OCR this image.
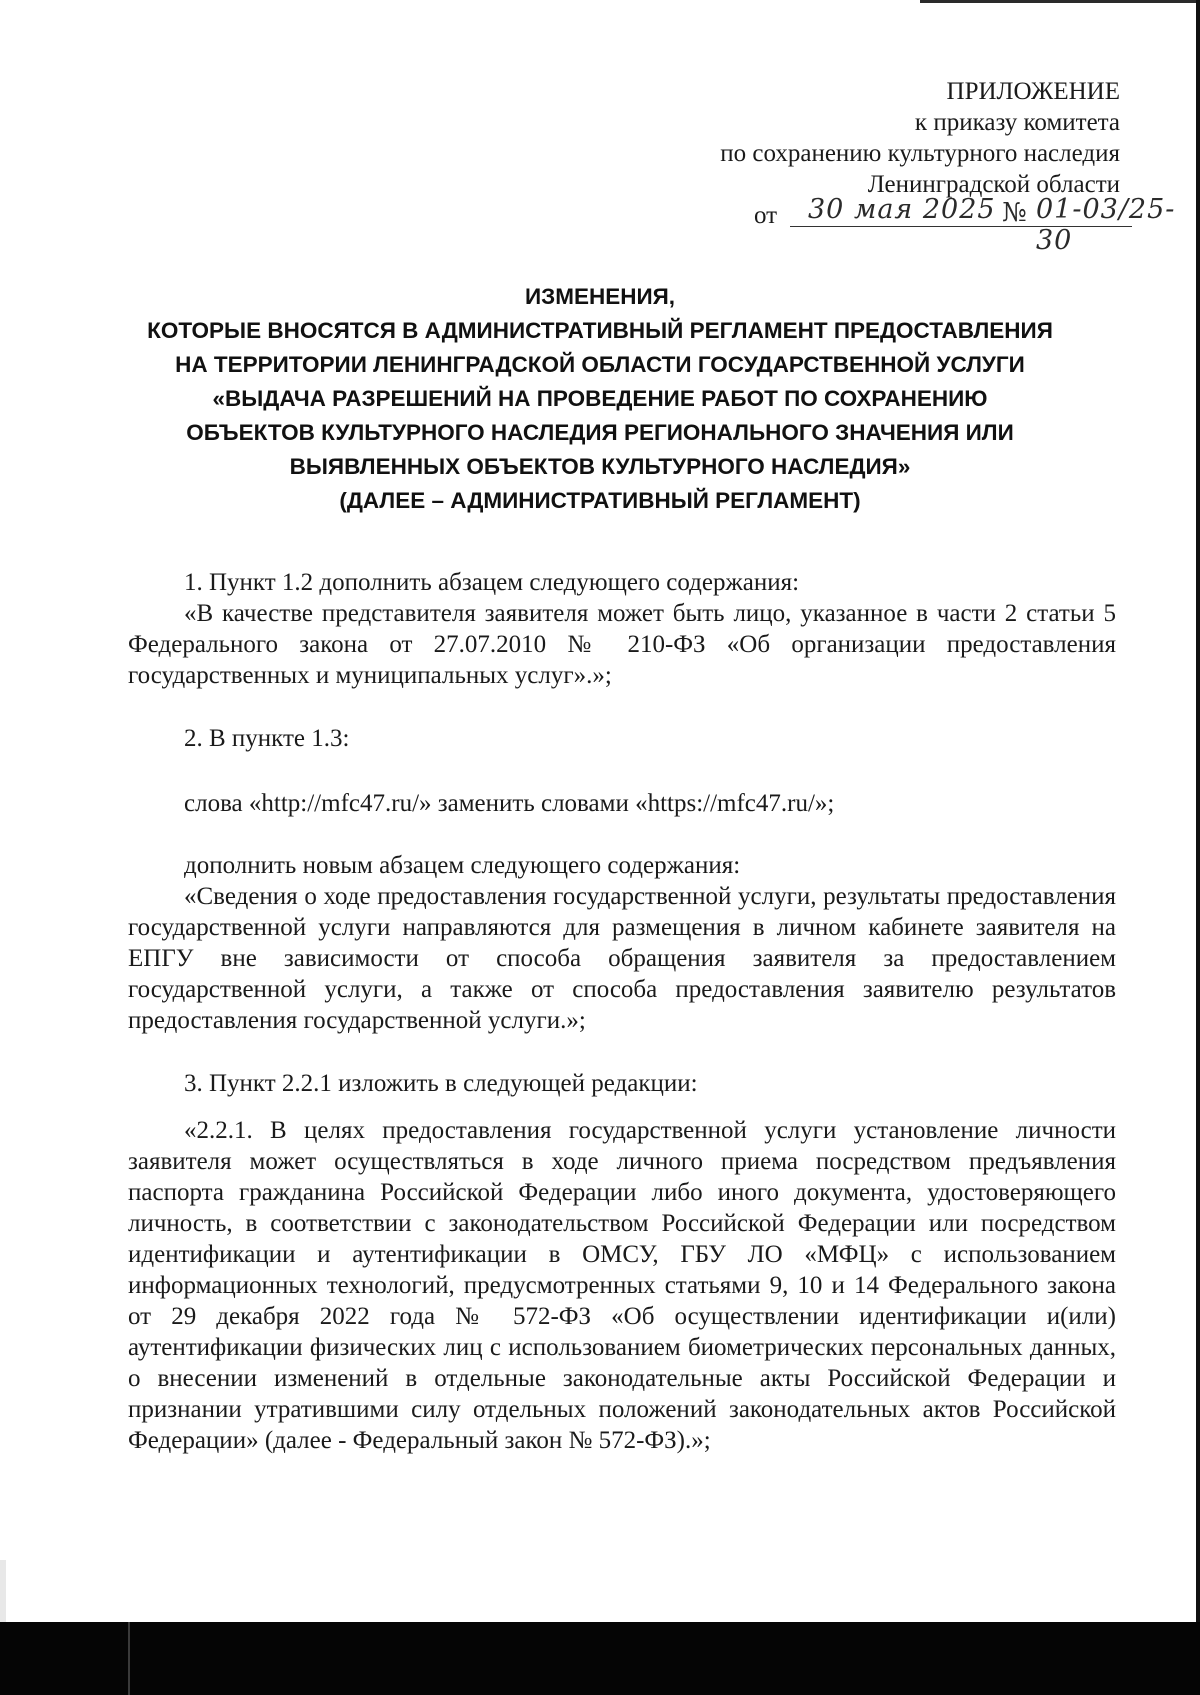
ПРИЛОЖЕНИЕ
к приказу комитета
по сохранению культурного наследия
Ленинградской области
от 30 мая 2025 № 01-03/25-30
ИЗМЕНЕНИЯ,
КОТОРЫЕ ВНОСЯТСЯ В АДМИНИСТРАТИВНЫЙ РЕГЛАМЕНТ ПРЕДОСТАВЛЕНИЯ
НА ТЕРРИТОРИИ ЛЕНИНГРАДСКОЙ ОБЛАСТИ ГОСУДАРСТВЕННОЙ УСЛУГИ
«ВЫДАЧА РАЗРЕШЕНИЙ НА ПРОВЕДЕНИЕ РАБОТ ПО СОХРАНЕНИЮ
ОБЪЕКТОВ КУЛЬТУРНОГО НАСЛЕДИЯ РЕГИОНАЛЬНОГО ЗНАЧЕНИЯ ИЛИ
ВЫЯВЛЕННЫХ ОБЪЕКТОВ КУЛЬТУРНОГО НАСЛЕДИЯ»
(ДАЛЕЕ – АДМИНИСТРАТИВНЫЙ РЕГЛАМЕНТ)

1. Пункт 1.2 дополнить абзацем следующего содержания:

«В качестве представителя заявителя может быть лицо, указанное в части 2 статьи 5 Федерального закона от 27.07.2010 № 210-ФЗ «Об организации предоставления государственных и муниципальных услуг».»;

2. В пункте 1.3:

слова «http://mfc47.ru/» заменить словами «https://mfc47.ru/»;

дополнить новым абзацем следующего содержания:

«Сведения о ходе предоставления государственной услуги, результаты предоставления государственной услуги направляются для размещения в личном кабинете заявителя на ЕПГУ вне зависимости от способа обращения заявителя за предоставлением государственной услуги, а также от способа предоставления заявителю результатов предоставления государственной услуги.»;

3. Пункт 2.2.1 изложить в следующей редакции:

«2.2.1. В целях предоставления государственной услуги установление личности заявителя может осуществляться в ходе личного приема посредством предъявления паспорта гражданина Российской Федерации либо иного документа, удостоверяющего личность, в соответствии с законодательством Российской Федерации или посредством идентификации и аутентификации в ОМСУ, ГБУ ЛО «МФЦ» с использованием информационных технологий, предусмотренных статьями 9, 10 и 14 Федерального закона от 29 декабря 2022 года № 572-ФЗ «Об осуществлении идентификации и(или) аутентификации физических лиц с использованием биометрических персональных данных, о внесении изменений в отдельные законодательные акты Российской Федерации и признании утратившими силу отдельных положений законодательных актов Российской Федерации» (далее - Федеральный закон № 572-ФЗ).»;
